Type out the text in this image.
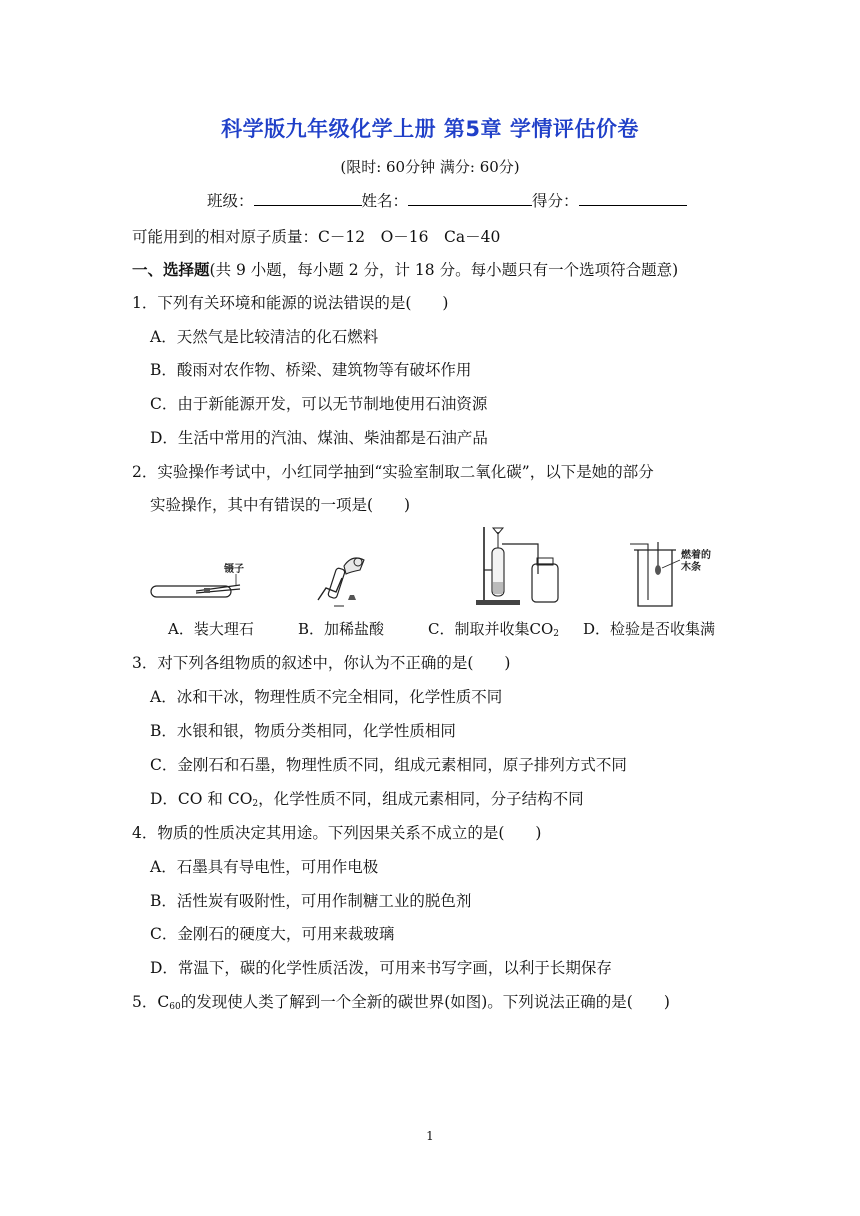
科学版九年级化学上册 第5章 学情评估价卷
(限时: 60分钟 满分: 60分)
班级：	姓名：	得分：
可能用到的相对原子质量：C－12　O－16　Ca－40
一、选择题(共 9 小题，每小题 2 分，计 18 分。每小题只有一个选项符合题意)
1．下列有关环境和能源的说法错误的是(　　)
A．天然气是比较清洁的化石燃料
B．酸雨对农作物、桥梁、建筑物等有破坏作用
C．由于新能源开发，可以无节制地使用石油资源
D．生活中常用的汽油、煤油、柴油都是石油产品
2．实验操作考试中，小红同学抽到“实验室制取二氧化碳”，以下是她的部分
实验操作，其中有错误的一项是(　　)
镊子
燃着的
木条
A．装大理石	B．加稀盐酸	C．制取并收集$CO_2$ D．检验是否收集满
3．对下列各组物质的叙述中，你认为不正确的是(　　)
A．冰和干冰，物理性质不完全相同，化学性质不同
B．水银和银，物质分类相同，化学性质相同
C．金刚石和石墨，物理性质不同，组成元素相同，原子排列方式不同
D．CO 和 $CO_2$，化学性质不同，组成元素相同，分子结构不同
4．物质的性质决定其用途。下列因果关系不成立的是(　　)
A．石墨具有导电性，可用作电极
B．活性炭有吸附性，可用作制糖工业的脱色剂
C．金刚石的硬度大，可用来裁玻璃
D．常温下，碳的化学性质活泼，可用来书写字画，以利于长期保存
5．$C_{60}$的发现使人类了解到一个全新的碳世界(如图)。下列说法正确的是(　　)
1
